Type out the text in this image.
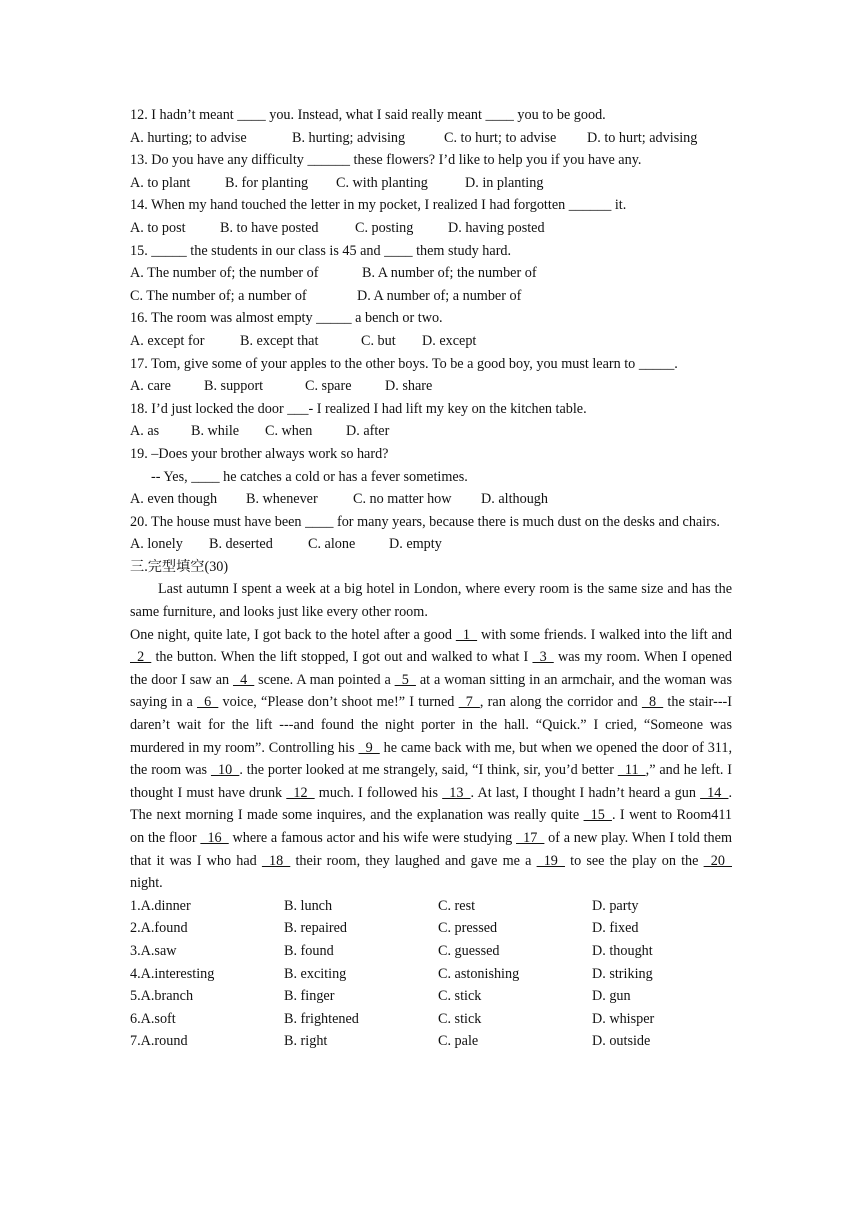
12. I hadn’t meant ____ you. Instead, what I said really meant ____ you to be good.
A. hurting; to advise	B. hurting; advising	C. to hurt; to advise D. to hurt; advising
13. Do you have any difficulty ______ these flowers? I’d like to help you if you have any.
A. to plant B. for planting C. with planting	D. in planting
14. When my hand touched the letter in my pocket, I realized I had forgotten ______ it.
A. to post B. to have posted	C. posting D. having posted
15. _____ the students in our class is 45 and ____ them study hard.
A. The number of; the number of	B. A number of; the number of
C. The number of; a number of	D. A number of; a number of
16. The room was almost empty _____ a bench or two.
A. except for	B. except that	C. but D. except
17. Tom, give some of your apples to the other boys. To be a good boy, you must learn to _____.
A. care B. support	C. spare D. share
18. I’d just locked the door ___- I realized I had lift my key on the kitchen table.
A. as B. while C. when D. after
19. –Does your brother always work so hard?
-- Yes, ____ he catches a cold or has a fever sometimes.
A. even though B. whenever C. no matter how D. although
20. The house must have been ____ for many years, because there is much dust on the desks and chairs.
A. lonely B. deserted C. alone D. empty
三.完型填空(30)
Last autumn I spent a week at a big hotel in London, where every room is the same size and has the same furniture, and looks just like every other room.
One night, quite late, I got back to the hotel after a good   1   with some friends. I walked into the lift and   2   the button. When the lift stopped, I got out and walked to what I   3   was my room. When I opened the door I saw an   4   scene. A man pointed a   5   at a woman sitting in an armchair, and the woman was saying in a   6   voice, “Please don’t shoot me!” I turned   7  , ran along the corridor and   8   the stair---I daren’t wait for the lift ---and found the night porter in the hall. “Quick.” I cried, “Someone was murdered in my room”. Controlling his   9   he came back with me, but when we opened the door of 311, the room was   10  . the porter looked at me strangely, said, “I think, sir, you’d better   11  ,” and he left. I thought I must have drunk   12   much. I followed his   13  . At last, I thought I hadn’t heard a gun   14  . The next morning I made some inquires, and the explanation was really quite   15  . I went to Room411 on the floor   16   where a famous actor and his wife were studying   17   of a new play. When I told them that it was I who had   18   their room, they laughed and gave me a   19   to see the play on the   20   night.
1.A.dinner	B. lunch	C. rest	D. party
2.A.found	B. repaired	C. pressed	D. fixed
3.A.saw	B. found	C. guessed	D. thought
4.A.interesting	B. exciting	C. astonishing	D. striking
5.A.branch	B. finger	C. stick	D. gun
6.A.soft	B. frightened	C. stick	D. whisper
7.A.round	B. right	C. pale	D. outside
